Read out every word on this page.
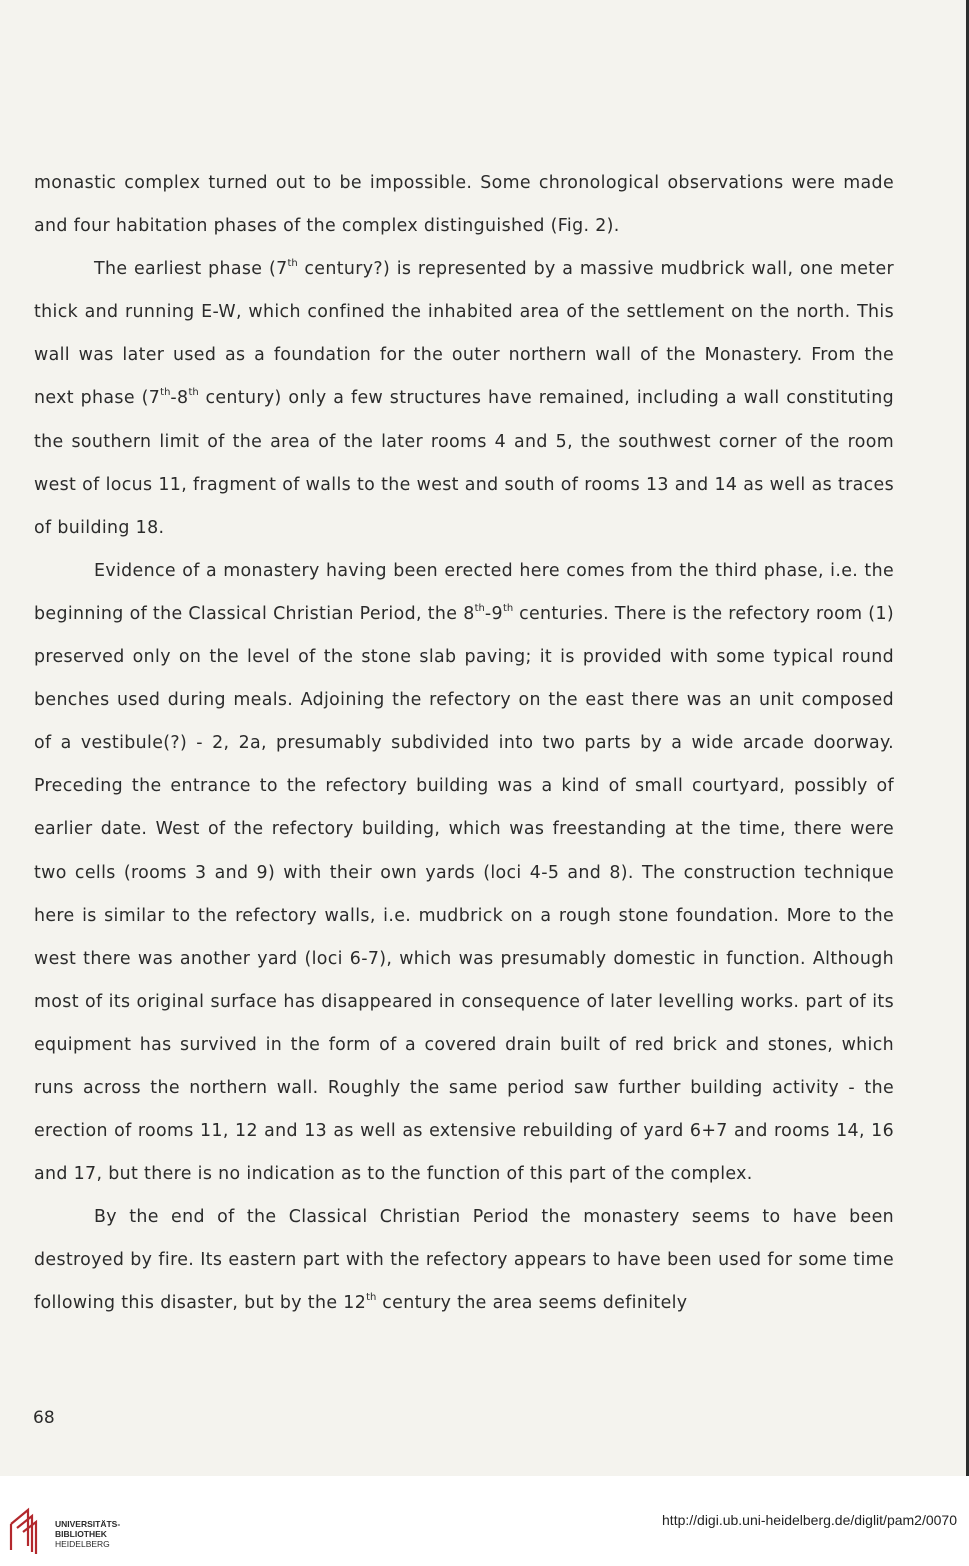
monastic complex turned out to be impossible. Some chronological observations were made and four habitation phases of the complex distinguished (Fig. 2).

The earliest phase (7th century?) is represented by a massive mudbrick wall, one meter thick and running E-W, which confined the inhabited area of the settlement on the north. This wall was later used as a foundation for the outer northern wall of the Monastery. From the next phase (7th-8th century) only a few structures have remained, including a wall constituting the southern limit of the area of the later rooms 4 and 5, the southwest corner of the room west of locus 11, fragment of walls to the west and south of rooms 13 and 14 as well as traces of building 18.

Evidence of a monastery having been erected here comes from the third phase, i.e. the beginning of the Classical Christian Period, the 8th-9th centuries. There is the refectory room (1) preserved only on the level of the stone slab paving; it is provided with some typical round benches used during meals. Adjoining the refectory on the east there was an unit composed of a vestibule(?) - 2, 2a, presumably subdivided into two parts by a wide arcade doorway. Preceding the entrance to the refectory building was a kind of small courtyard, possibly of earlier date. West of the refectory building, which was freestanding at the time, there were two cells (rooms 3 and 9) with their own yards (loci 4-5 and 8). The construction technique here is similar to the refectory walls, i.e. mudbrick on a rough stone foundation. More to the west there was another yard (loci 6-7), which was presumably domestic in function. Although most of its original surface has disappeared in consequence of later levelling works. part of its equipment has survived in the form of a covered drain built of red brick and stones, which runs across the northern wall. Roughly the same period saw further building activity - the erection of rooms 11, 12 and 13 as well as extensive rebuilding of yard 6+7 and rooms 14, 16 and 17, but there is no indication as to the function of this part of the complex.

By the end of the Classical Christian Period the monastery seems to have been destroyed by fire. Its eastern part with the refectory appears to have been used for some time following this disaster, but by the 12th century the area seems definitely

68
UNIVERSITÄTS-
BIBLIOTHEK
HEIDELBERG
http://digi.ub.uni-heidelberg.de/diglit/pam2/0070
